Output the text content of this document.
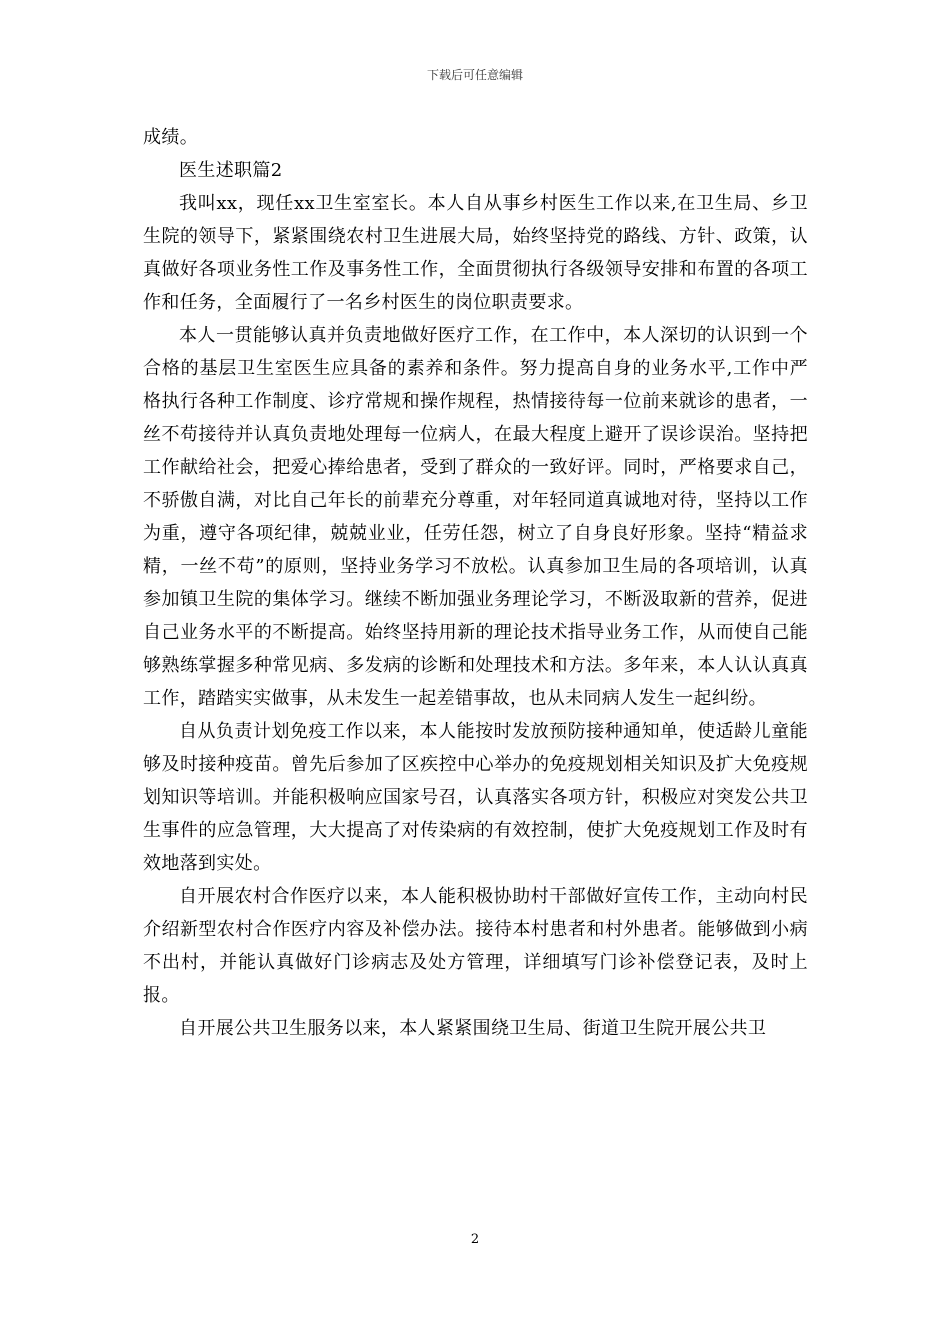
下载后可任意编辑

成绩。

医生述职篇2

我叫xx，现任xx卫生室室长。本人自从事乡村医生工作以来,在卫生局、乡卫生院的领导下，紧紧围绕农村卫生进展大局，始终坚持党的路线、方针、政策，认真做好各项业务性工作及事务性工作，全面贯彻执行各级领导安排和布置的各项工作和任务，全面履行了一名乡村医生的岗位职责要求。

本人一贯能够认真并负责地做好医疗工作，在工作中，本人深切的认识到一个合格的基层卫生室医生应具备的素养和条件。努力提高自身的业务水平,工作中严格执行各种工作制度、诊疗常规和操作规程，热情接待每一位前来就诊的患者，一丝不苟接待并认真负责地处理每一位病人，在最大程度上避开了误诊误治。坚持把工作献给社会，把爱心捧给患者，受到了群众的一致好评。同时，严格要求自己，不骄傲自满，对比自己年长的前辈充分尊重，对年轻同道真诚地对待，坚持以工作为重，遵守各项纪律，兢兢业业，任劳任怨，树立了自身良好形象。坚持“精益求精，一丝不苟”的原则，坚持业务学习不放松。认真参加卫生局的各项培训，认真参加镇卫生院的集体学习。继续不断加强业务理论学习，不断汲取新的营养，促进自己业务水平的不断提高。始终坚持用新的理论技术指导业务工作，从而使自己能够熟练掌握多种常见病、多发病的诊断和处理技术和方法。多年来，本人认认真真工作，踏踏实实做事，从未发生一起差错事故，也从未同病人发生一起纠纷。

自从负责计划免疫工作以来，本人能按时发放预防接种通知单，使适龄儿童能够及时接种疫苗。曾先后参加了区疾控中心举办的免疫规划相关知识及扩大免疫规划知识等培训。并能积极响应国家号召，认真落实各项方针，积极应对突发公共卫生事件的应急管理，大大提高了对传染病的有效控制，使扩大免疫规划工作及时有效地落到实处。

自开展农村合作医疗以来，本人能积极协助村干部做好宣传工作，主动向村民介绍新型农村合作医疗内容及补偿办法。接待本村患者和村外患者。能够做到小病不出村，并能认真做好门诊病志及处方管理，详细填写门诊补偿登记表，及时上报。

自开展公共卫生服务以来，本人紧紧围绕卫生局、街道卫生院开展公共卫

2
